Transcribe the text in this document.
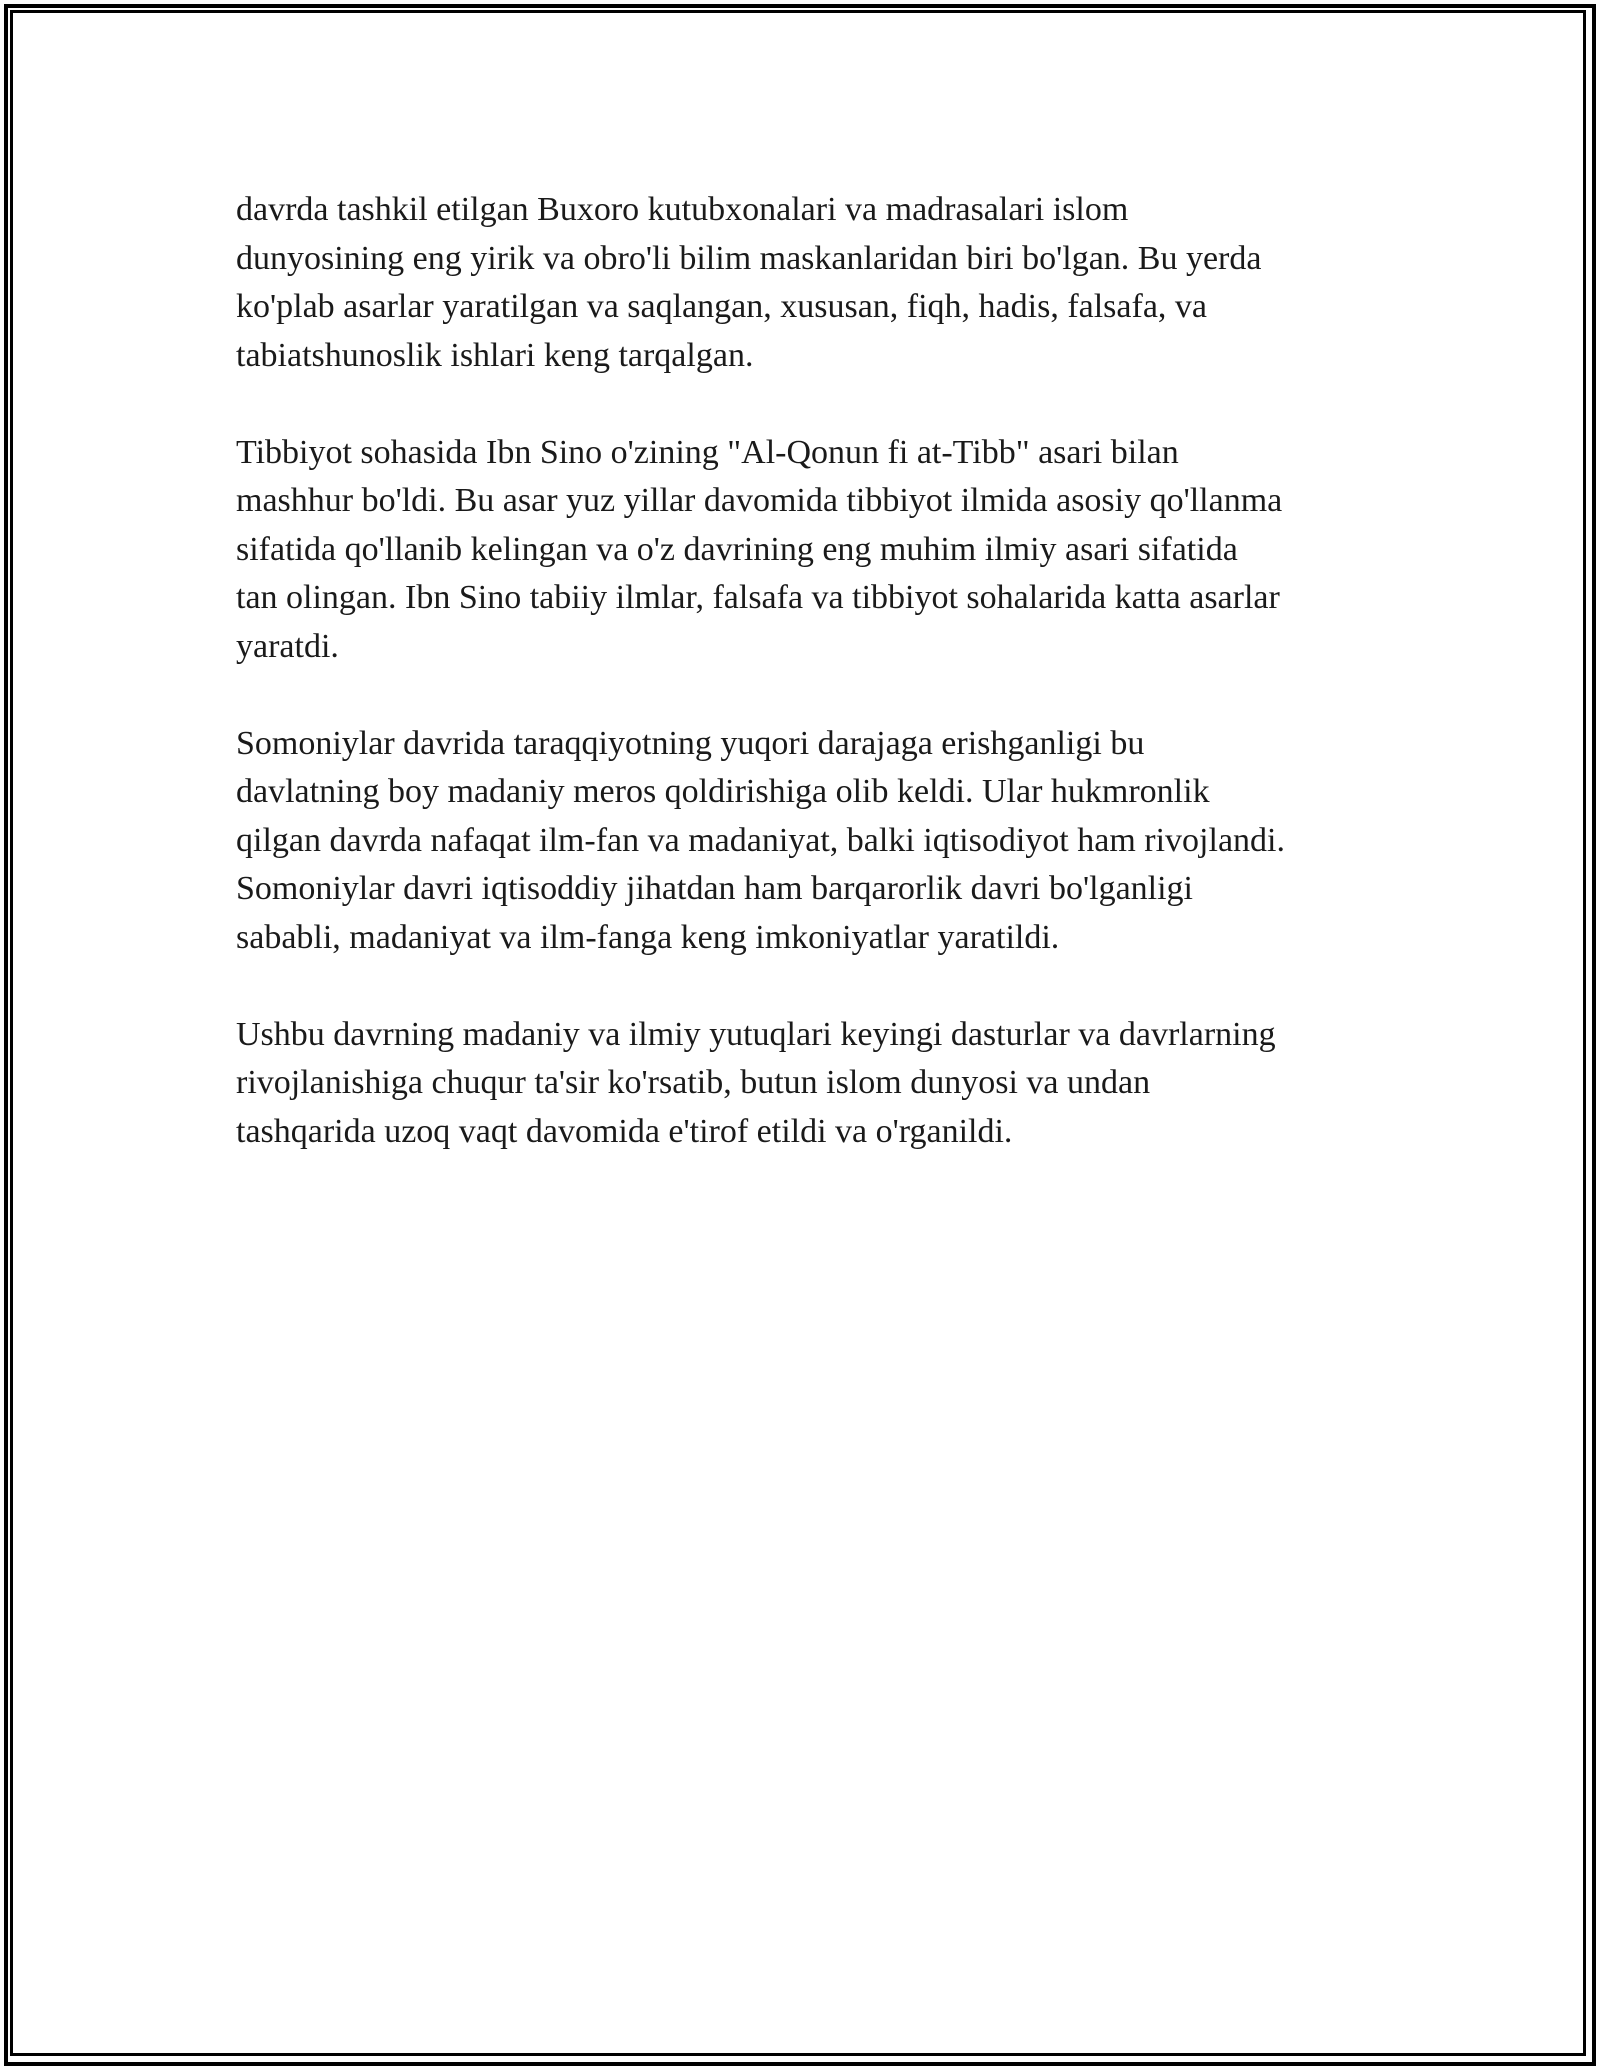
davrda tashkil etilgan Buxoro kutubxonalari va madrasalari islom
dunyosining eng yirik va obro'li bilim maskanlaridan biri bo'lgan. Bu yerda
ko'plab asarlar yaratilgan va saqlangan, xususan, fiqh, hadis, falsafa, va
tabiatshunoslik ishlari keng tarqalgan.

Tibbiyot sohasida Ibn Sino o'zining "Al-Qonun fi at-Tibb" asari bilan
mashhur bo'ldi. Bu asar yuz yillar davomida tibbiyot ilmida asosiy qo'llanma
sifatida qo'llanib kelingan va o'z davrining eng muhim ilmiy asari sifatida
tan olingan. Ibn Sino tabiiy ilmlar, falsafa va tibbiyot sohalarida katta asarlar
yaratdi.

Somoniylar davrida taraqqiyotning yuqori darajaga erishganligi bu
davlatning boy madaniy meros qoldirishiga olib keldi. Ular hukmronlik
qilgan davrda nafaqat ilm-fan va madaniyat, balki iqtisodiyot ham rivojlandi.
Somoniylar davri iqtisoddiy jihatdan ham barqarorlik davri bo'lganligi
sababli, madaniyat va ilm-fanga keng imkoniyatlar yaratildi.

Ushbu davrning madaniy va ilmiy yutuqlari keyingi dasturlar va davrlarning
rivojlanishiga chuqur ta'sir ko'rsatib, butun islom dunyosi va undan
tashqarida uzoq vaqt davomida e'tirof etildi va o'rganildi.
